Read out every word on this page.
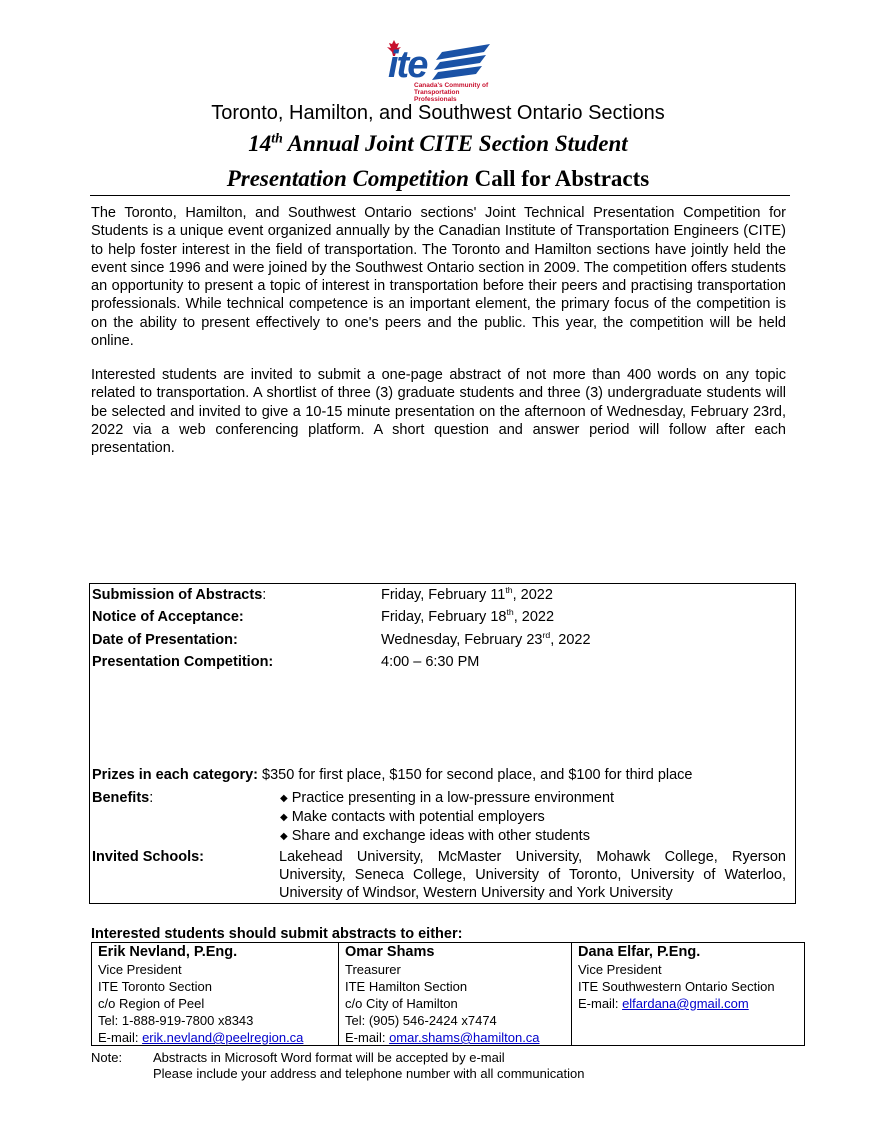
ite
Canada's Community of Transportation Professionals
Toronto, Hamilton, and Southwest Ontario Sections
14th Annual Joint CITE Section Student
Presentation Competition Call for Abstracts

The Toronto, Hamilton, and Southwest Ontario sections' Joint Technical Presentation Competition for Students is a unique event organized annually by the Canadian Institute of Transportation Engineers (CITE) to help foster interest in the field of transportation. The Toronto and Hamilton sections have jointly held the event since 1996 and were joined by the Southwest Ontario section in 2009. The competition offers students an opportunity to present a topic of interest in transportation before their peers and practising transportation professionals. While technical competence is an important element, the primary focus of the competition is on the ability to present effectively to one's peers and the public. This year, the competition will be held online.

Interested students are invited to submit a one-page abstract of not more than 400 words on any topic related to transportation. A shortlist of three (3) graduate students and three (3) undergraduate students will be selected and invited to give a 10-15 minute presentation on the afternoon of Wednesday, February 23rd, 2022 via a web conferencing platform. A short question and answer period will follow after each presentation.

Submission of Abstracts:	Friday, February 11th, 2022
Notice of Acceptance:	Friday, February 18th, 2022
Date of Presentation:	Wednesday, February 23rd, 2022
Presentation Competition:	4:00 – 6:30 PM
Prizes in each category: $350 for first place, $150 for second place, and $100 for third place
Benefits:
◆	Practice presenting in a low-pressure environment
◆ Make contacts with potential employers
◆ Share and exchange ideas with other students
Invited Schools:	Lakehead University, McMaster University, Mohawk College, Ryerson University, Seneca College, University of Toronto, University of Waterloo, University of Windsor, Western University and York University

Interested students should submit abstracts to either:
Erik Nevland, P.Eng.
Vice President
ITE Toronto Section
c/o Region of Peel
Tel: 1-888-919-7800 x8343
E-mail: erik.nevland@peelregion.ca
Omar Shams
Treasurer
ITE Hamilton Section
c/o City of Hamilton
Tel: (905) 546-2424 x7474
E-mail: omar.shams@hamilton.ca
Dana Elfar, P.Eng.
Vice President
ITE Southwestern Ontario Section
E-mail: elfardana@gmail.com
Note: Abstracts in Microsoft Word format will be accepted by e-mail
Please include your address and telephone number with all communication
